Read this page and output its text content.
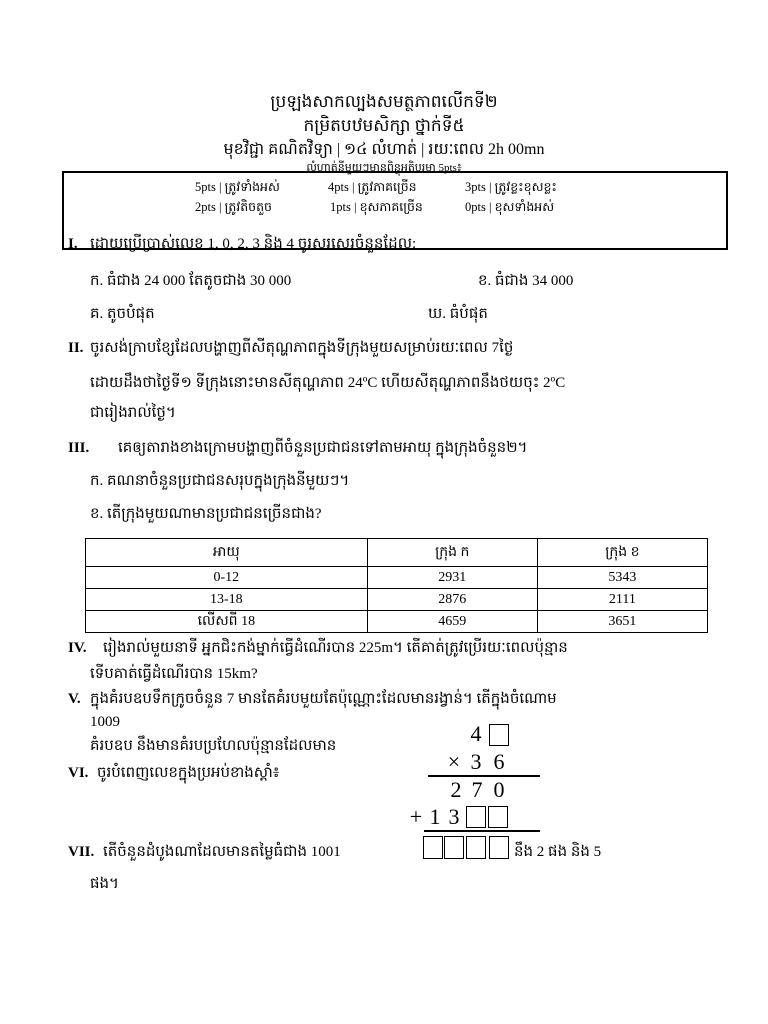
ប្រឡងសាកល្បងសមត្ថភាពលើកទី២
កម្រិតបឋមសិក្សា ថ្នាក់ទី៥
មុខវិជ្ជា គណិតវិទ្យា | ១៤ លំហាត់ | រយៈពេល 2h 00mn
លំហាត់នីមួយៗមានពិន្ទុអតិបរមា 5pts៖
5pts | ត្រូវទាំងអស់	4pts | ត្រូវភាគច្រើន	3pts | ត្រូវខ្លះខុសខ្លះ
2pts | ត្រូវតិចតួច	1pts | ខុសភាគច្រើន	0pts | ខុសទាំងអស់
I. ដោយប្រើប្រាស់លេខ 1, 0, 2, 3 និង 4 ចូរសរសេរចំនួនដែល:
ក. ធំជាង 24 000 តែតូចជាង 30 000	ខ. ធំជាង 34 000
គ. តូចបំផុត	ឃ. ធំបំផុត
II. ចូរសង់ក្រាបខ្សែដែលបង្ហាញពីសីតុណ្ហភាពក្នុងទីក្រុងមួយសម្រាប់រយៈពេល 7ថ្ងៃ
ដោយដឹងថាថ្ងៃទី១ ទីក្រុងនោះមានសីតុណ្ហភាព 24ºC ហើយសីតុណ្ហភាពនឹងថយចុះ 2ºC
ជារៀងរាល់ថ្ងៃ។
III. គេឲ្យតារាងខាងក្រោមបង្ហាញពីចំនួនប្រជាជនទៅតាមអាយុ ក្នុងក្រុងចំនួន២។
ក. គណនាចំនួនប្រជាជនសរុបក្នុងក្រុងនីមួយៗ។
ខ. តើក្រុងមួយណាមានប្រជាជនច្រើនជាង?
អាយុ	ក្រុង ក	ក្រុង ខ
0-12	2931	5343
13-18	2876	2111
លើសពី 18	4659	3651
IV. រៀងរាល់មួយនាទី អ្នកជិះកង់ម្នាក់ធ្វើដំណើរបាន 225m។ តើគាត់ត្រូវប្រើរយៈពេលប៉ុន្មាន
ទើបគាត់ធ្វើដំណើរបាន 15km?
V. ក្នុងគំរបឧបទឹកក្រូចចំនួន 7 មានតែគំរបមួយតែប៉ុណ្ណោះដែលមានរង្វាន់។ តើក្នុងចំណោម
1009
គំរបឧប នឹងមានគំរបប្រហែលប៉ុន្មានដែលមាន
VI. ចូរបំពេញលេខក្នុងប្រអប់ខាងស្តាំ៖
VII. តើចំនួនដំបូងណាដែលមានតម្លៃធំជាង 1001	នឹង 2 ផង និង 5
ផង។
4
× 3 6
2 7 0
+ 1 3
